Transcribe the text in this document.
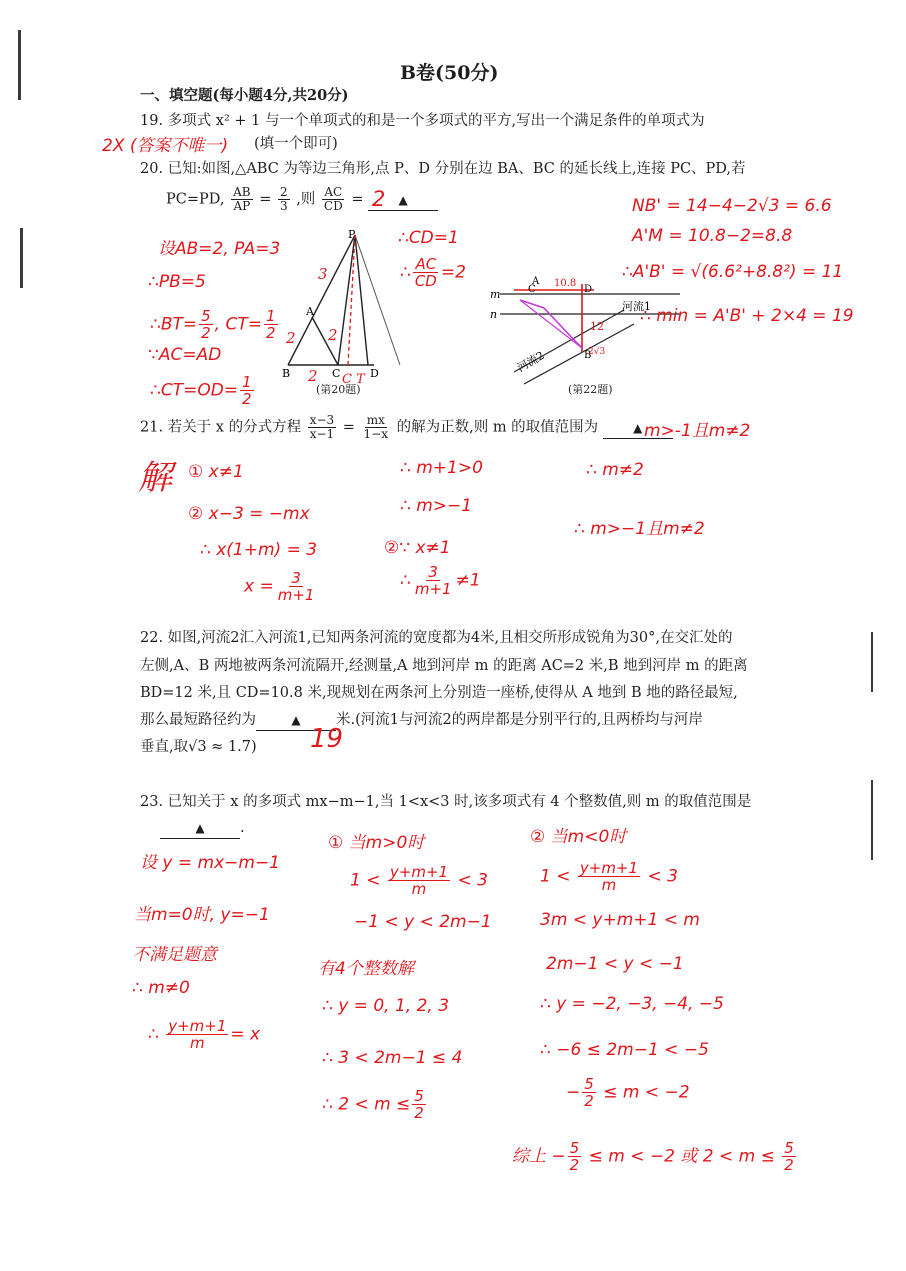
B卷(50分)
一、填空题(每小题4分,共20分)
19. 多项式 x² + 1 与一个单项式的和是一个多项式的平方,写出一个满足条件的单项式为
(填一个即可)
2X (答案不唯一)
20. 已知:如图,△ABC 为等边三角形,点 P、D 分别在边 BA、BC 的延长线上,连接 PC、PD,若
PC=PD, $\frac{AB}{AP} = \frac{2}{3}$ ,则 $\frac{AC}{CD}$ =	▲
2
P
A
B	C	D
3
2 2
2 C T
(第20题)
设AB=2, PA=3
∴PB=5
∴BT= $\frac{5}{2}$ , $CT= \frac{1}{2}$
∵AC=AD
∴CT=OD= $\frac{1}{2}$
∴CD=1
∴ $\frac{AC}{CD} =2$
m
n
A
C	D
B
河流1
河流2
10.8
12
2√3
(第22题)
NB' = 14−4−2√3 = 6.6
A'M = 10.8−2=8.8
∴A'B' = √(6.6²+8.8²) = 11
∴ min = A'B' + 2×4 = 19
21. 若关于 x 的分式方程 $\frac{x-3}{x-1} = \frac{mx}{1-x}$ 的解为正数,则 m 的取值范围为	▲ m>-1且m≠2
解 ① x≠1
② x−3 = −mx
∴ x(1+m) = 3
$x = \frac{3}{m+1}$
∴ m+1>0
∴ m>−1
②∵ x≠1
∴ $\frac{3}{m+1} \ne 1$
∴ m≠2
∴ m>−1且m≠2
22. 如图,河流2汇入河流1,已知两条河流的宽度都为4米,且相交所形成锐角为30°,在交汇处的
左侧,A、B 两地被两条河流隔开,经测量,A 地到河岸 m 的距离 AC=2 米,B 地到河岸 m 的距离
BD=12 米,且 CD=10.8 米,现规划在两条河上分别造一座桥,使得从 A 地到 B 地的路径最短,
那么最短路径约为	▲ 米.(河流1与河流2的两岸都是分别平行的,且两桥均与河岸
垂直,取√3 ≈ 1.7) 19
23. 已知关于 x 的多项式 mx−m−1,当 1<x<3 时,该多项式有 4 个整数值,则 m 的取值范围是
▲ .
设 y = mx−m−1
当m=0时, y=−1
不满足题意
∴ m≠0
∴ $\frac{y+m+1}{m} = x$
① 当m>0时
$1 < \frac{y+m+1}{m} < 3$
−1 < y < 2m−1
有4个整数解
∴ y = 0, 1, 2, 3
∴ 3 < 2m−1 ≤ 4
∴ $2 < m \le \frac{5}{2}$
② 当m<0时
$1 < \frac{y+m+1}{m} < 3$
3m < y+m+1 < m
2m−1 < y < −1
∴ y = −2, −3, −4, −5
∴ −6 ≤ 2m−1 < −5
− $\frac{5}{2} \le m < -2$
综上 − $\frac{5}{2} \le m < -2$ 或 $2 < m \le \frac{5}{2}$
